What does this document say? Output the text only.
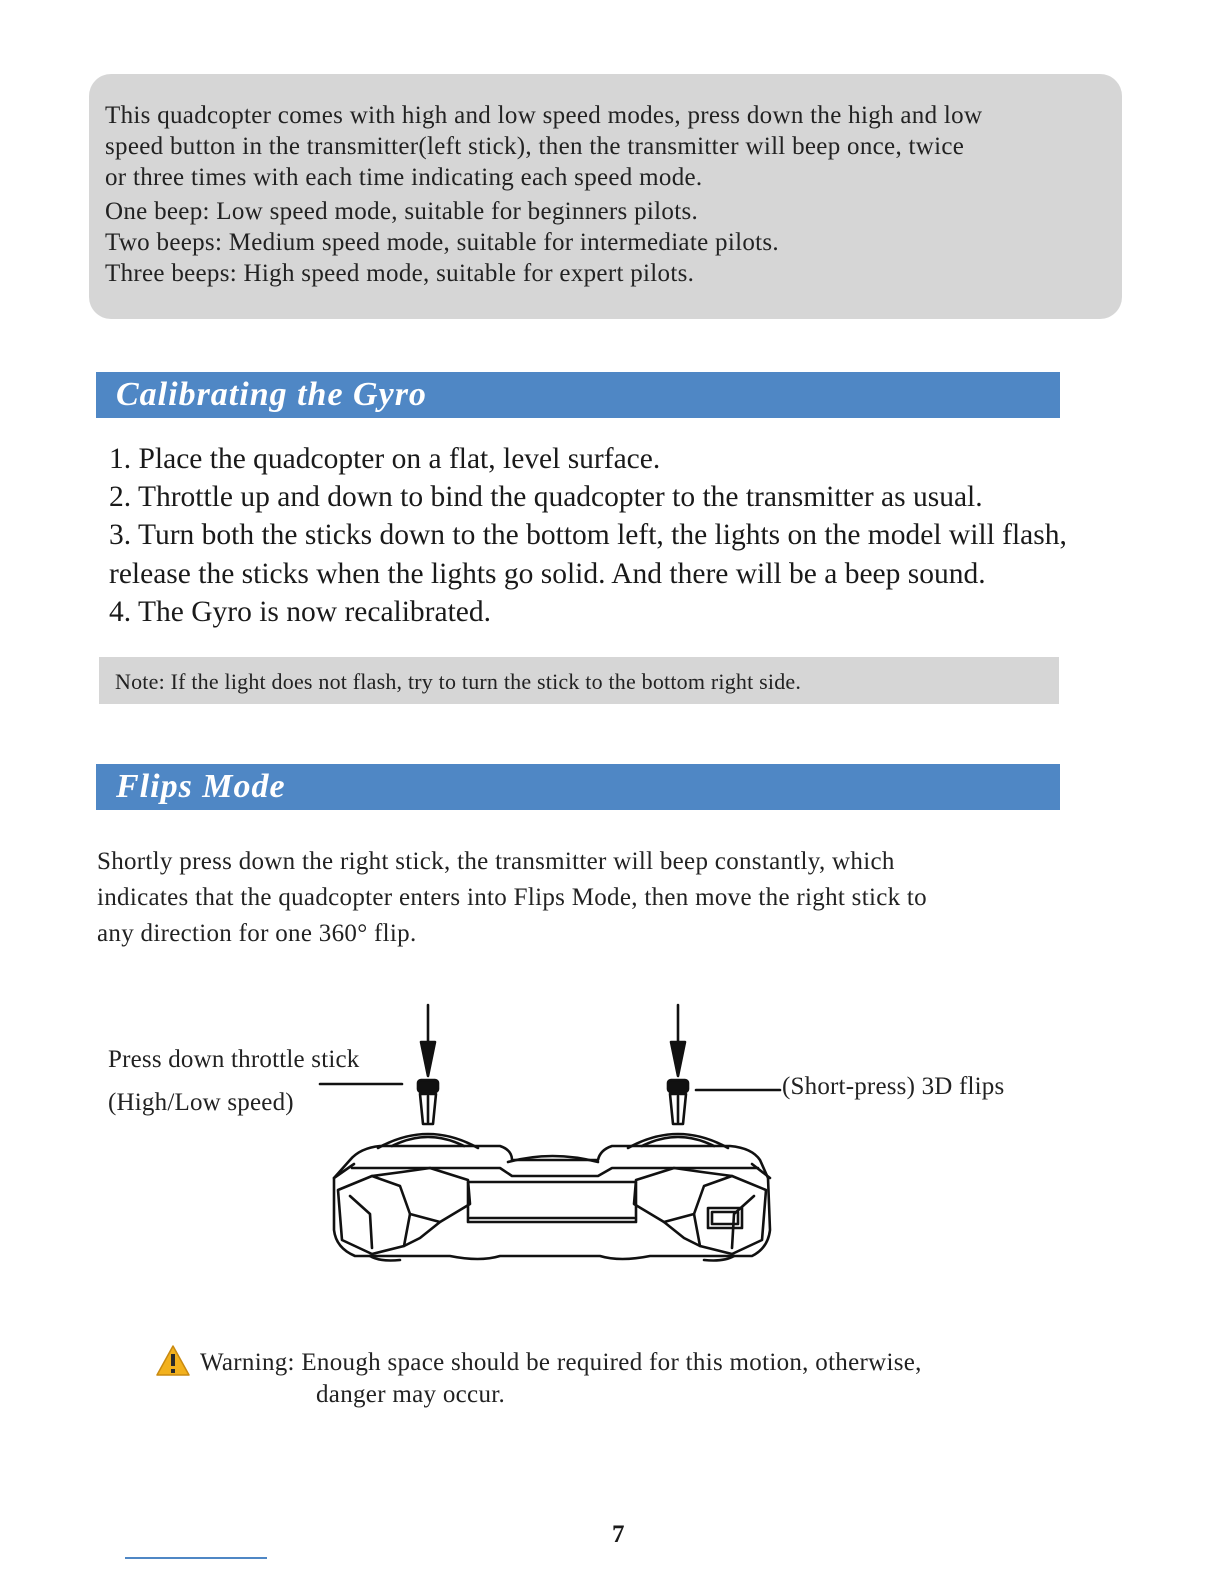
This quadcopter comes with high and low speed modes, press down the high and low
speed button in the transmitter(left stick), then the transmitter will beep once, twice
or three times with each time indicating each speed mode.
One beep: Low speed mode, suitable for beginners pilots.
Two beeps: Medium speed mode, suitable for intermediate pilots.
Three beeps: High speed mode, suitable for expert pilots.
Calibrating the Gyro
1. Place the quadcopter on a flat, level surface.
2. Throttle up and down to bind the quadcopter to the transmitter as usual.
3. Turn both the sticks down to the bottom left, the lights on the model will flash,
release the sticks when the lights go solid. And there will be a beep sound.
4. The Gyro is now recalibrated.
Note: If the light does not flash, try to turn the stick to the bottom right side.
Flips Mode
Shortly press down the right stick, the transmitter will beep constantly, which
indicates that the quadcopter enters into Flips Mode, then move the right stick to
any direction for one 360° flip.
Press down throttle stick
(High/Low speed)
(Short-press) 3D flips
Warning: Enough space should be required for this motion, otherwise,
danger may occur.
7
